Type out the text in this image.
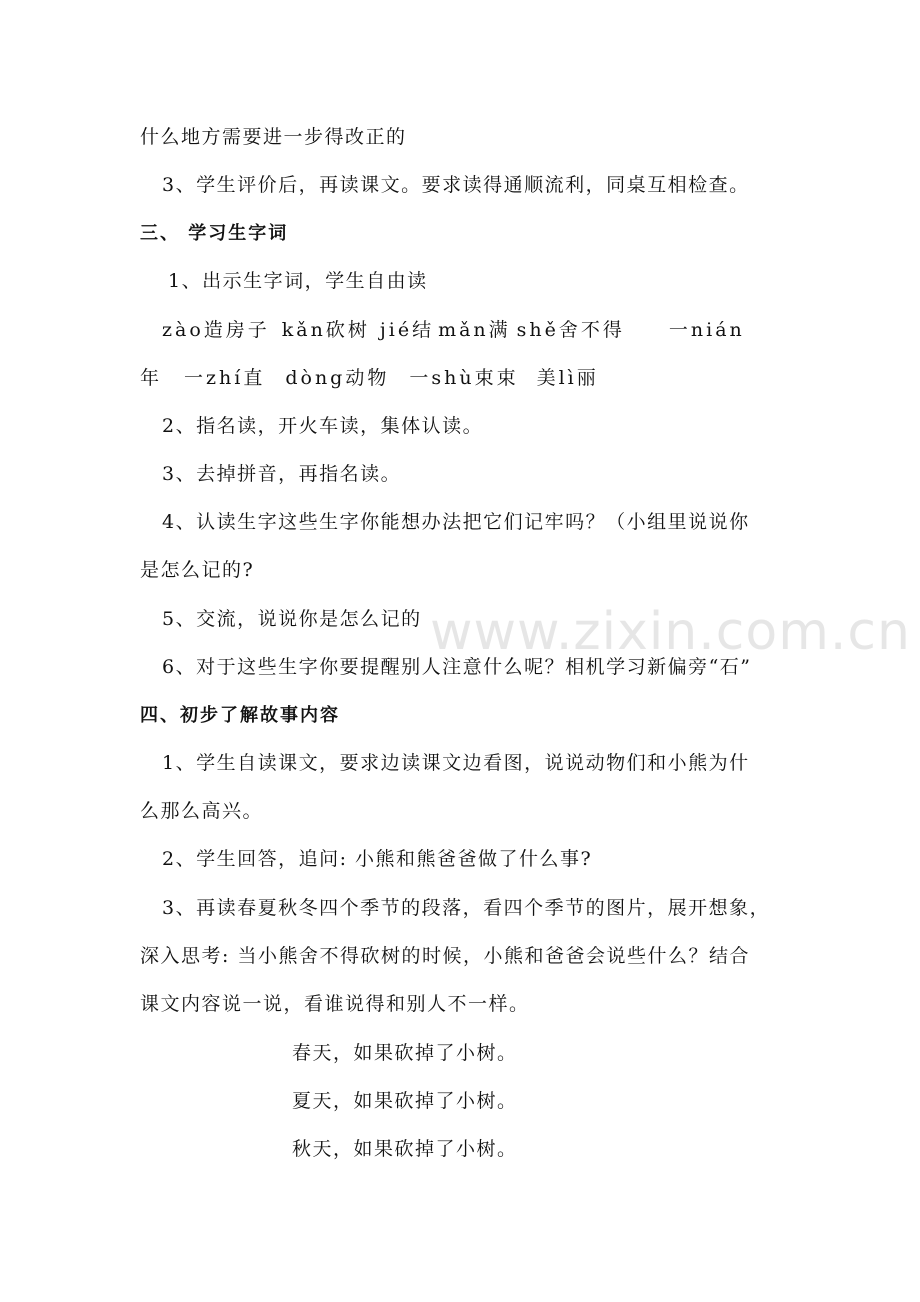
www.zixin.com.cn
什么地方需要进一步得改正的
3、学生评价后，再读课文。要求读得通顺流利，同桌互相检查。
三、 学习生字词
1、出示生字词，学生自由读
zào造房子 kǎn砍树 jié结 mǎn满 shě舍不得 一nián
年 一zhí直 dòng动物 一shù束束 美lì丽
2、指名读，开火车读，集体认读。
3、去掉拼音，再指名读。
4、认读生字这些生字你能想办法把它们记牢吗？（小组里说说你
是怎么记的?
5、交流，说说你是怎么记的
6、对于这些生字你要提醒别人注意什么呢？相机学习新偏旁“石”
四、初步了解故事内容
1、学生自读课文，要求边读课文边看图，说说动物们和小熊为什
么那么高兴。
2、学生回答，追问: 小熊和熊爸爸做了什么事?
3、再读春夏秋冬四个季节的段落，看四个季节的图片，展开想象，
深入思考: 当小熊舍不得砍树的时候，小熊和爸爸会说些什么？结合
课文内容说一说，看谁说得和别人不一样。
春天，如果砍掉了小树。
夏天，如果砍掉了小树。
秋天，如果砍掉了小树。
